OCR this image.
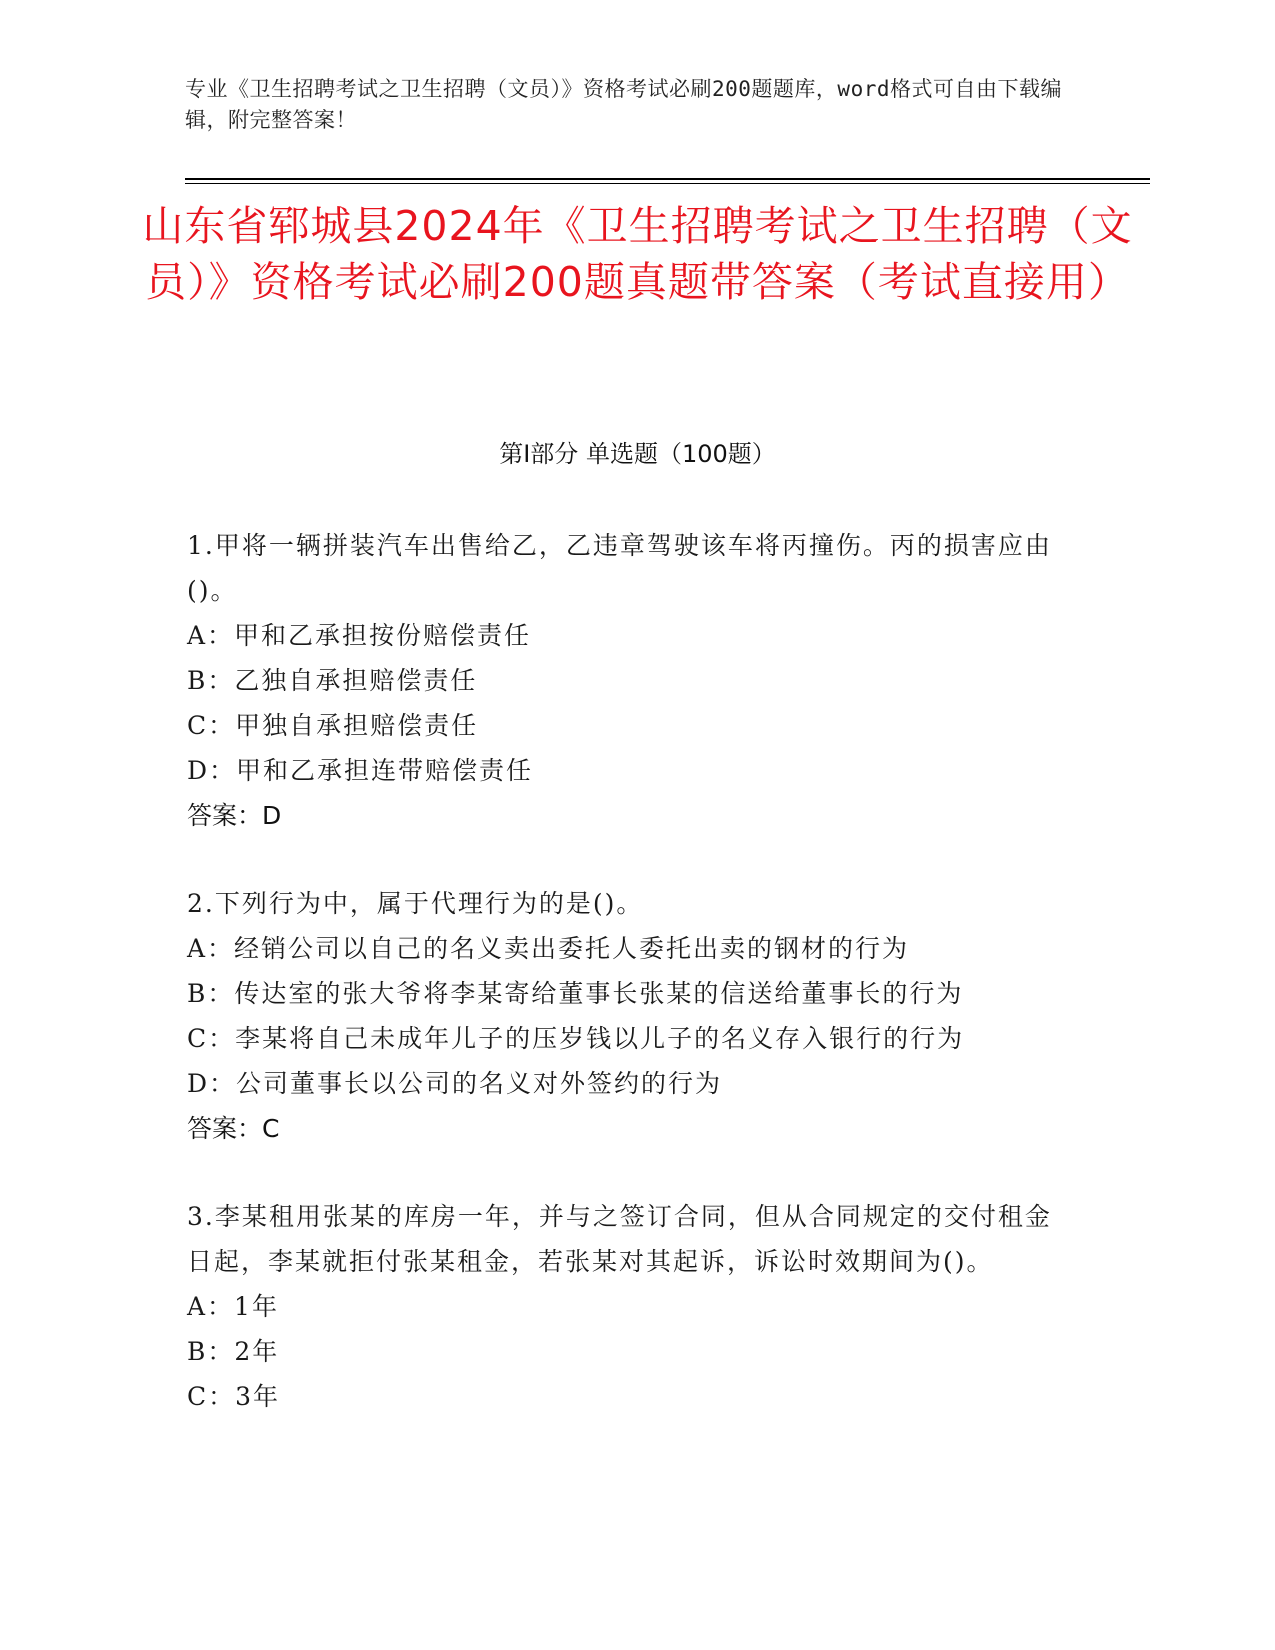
专业《卫生招聘考试之卫生招聘（文员）》资格考试必刷200题题库，word格式可自由下载编辑，附完整答案！
山东省郓城县2024年《卫生招聘考试之卫生招聘（文员）》资格考试必刷200题真题带答案（考试直接用）
第Ⅰ部分 单选题（100题）
1.甲将一辆拼装汽车出售给乙，乙违章驾驶该车将丙撞伤。丙的损害应由()。
A：甲和乙承担按份赔偿责任
B：乙独自承担赔偿责任
C：甲独自承担赔偿责任
D：甲和乙承担连带赔偿责任
答案：D
2.下列行为中，属于代理行为的是()。
A：经销公司以自己的名义卖出委托人委托出卖的钢材的行为
B：传达室的张大爷将李某寄给董事长张某的信送给董事长的行为
C：李某将自己未成年儿子的压岁钱以儿子的名义存入银行的行为
D：公司董事长以公司的名义对外签约的行为
答案：C
3.李某租用张某的库房一年，并与之签订合同，但从合同规定的交付租金日起，李某就拒付张某租金，若张某对其起诉，诉讼时效期间为()。
A：1年
B：2年
C：3年
